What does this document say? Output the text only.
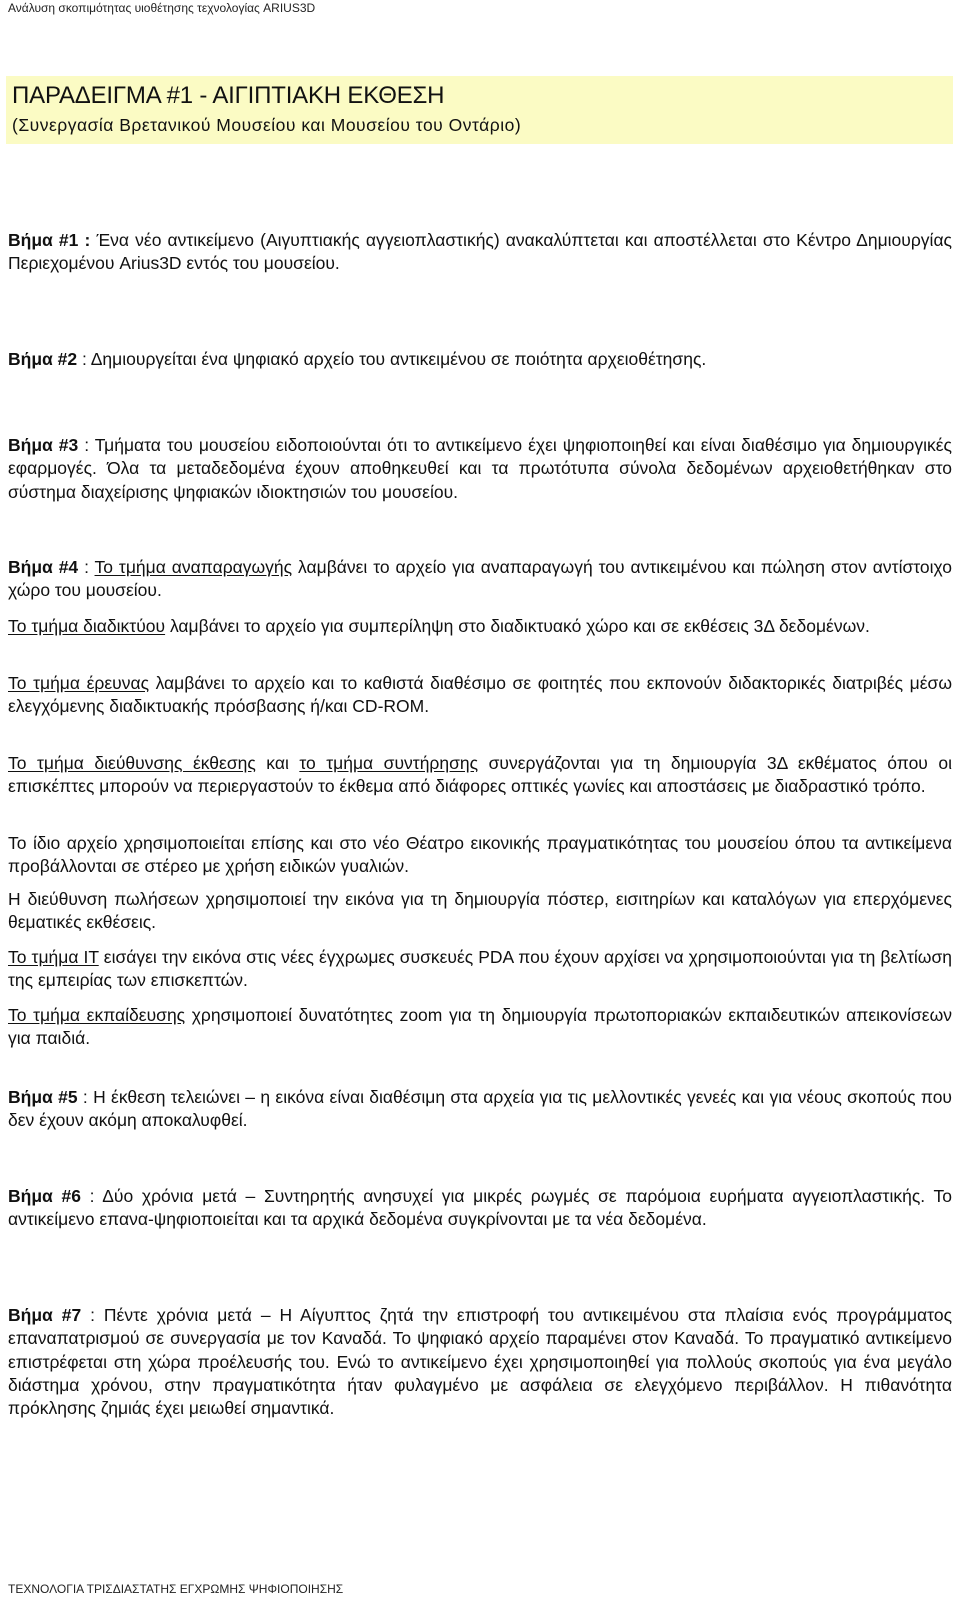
Ανάλυση σκοπιμότητας υιοθέτησης τεχνολογίας ARIUS3D
ΠΑΡΑΔΕΙΓΜΑ #1 - ΑΙΓΙΠΤΙΑΚΗ ΕΚΘΕΣΗ
(Συνεργασία Βρετανικού Μουσείου και Μουσείου του Οντάριο)
Βήμα #1 : Ένα νέο αντικείμενο (Αιγυπτιακής αγγειοπλαστικής) ανακαλύπτεται και αποστέλλεται στο Κέντρο Δημιουργίας Περιεχομένου Arius3D εντός του μουσείου.
Βήμα #2 : Δημιουργείται ένα ψηφιακό αρχείο του αντικειμένου σε ποιότητα αρχειοθέτησης.
Βήμα #3 : Τμήματα του μουσείου ειδοποιούνται ότι το αντικείμενο έχει ψηφιοποιηθεί και είναι διαθέσιμο για δημιουργικές εφαρμογές. Όλα τα μεταδεδομένα έχουν αποθηκευθεί και τα πρωτότυπα σύνολα δεδομένων αρχειοθετήθηκαν στο σύστημα διαχείρισης ψηφιακών ιδιοκτησιών του μουσείου.
Βήμα #4 : Το τμήμα αναπαραγωγής λαμβάνει το αρχείο για αναπαραγωγή του αντικειμένου και πώληση στον αντίστοιχο χώρο του μουσείου.
Το τμήμα διαδικτύου λαμβάνει το αρχείο για συμπερίληψη στο διαδικτυακό χώρο και σε εκθέσεις 3Δ δεδομένων.
Το τμήμα έρευνας λαμβάνει το αρχείο και το καθιστά διαθέσιμο σε φοιτητές που εκπονούν διδακτορικές διατριβές μέσω ελεγχόμενης διαδικτυακής πρόσβασης ή/και CD-ROM.
Το τμήμα διεύθυνσης έκθεσης και το τμήμα συντήρησης συνεργάζονται για τη δημιουργία 3Δ εκθέματος όπου οι επισκέπτες μπορούν να περιεργαστούν το έκθεμα από διάφορες οπτικές γωνίες και αποστάσεις με διαδραστικό τρόπο.
Το ίδιο αρχείο χρησιμοποιείται επίσης και στο νέο Θέατρο εικονικής πραγματικότητας του μουσείου όπου τα αντικείμενα προβάλλονται σε στέρεο με χρήση ειδικών γυαλιών.
Η διεύθυνση πωλήσεων χρησιμοποιεί την εικόνα για τη δημιουργία πόστερ, εισιτηρίων και καταλόγων για επερχόμενες θεματικές εκθέσεις.
Το τμήμα IT εισάγει την εικόνα στις νέες έγχρωμες συσκευές PDA που έχουν αρχίσει να χρησιμοποιούνται για τη βελτίωση της εμπειρίας των επισκεπτών.
Το τμήμα εκπαίδευσης χρησιμοποιεί δυνατότητες zoom για τη δημιουργία πρωτοποριακών εκπαιδευτικών απεικονίσεων για παιδιά.
Βήμα #5 : Η έκθεση τελειώνει – η εικόνα είναι διαθέσιμη στα αρχεία για τις μελλοντικές γενεές και για νέους σκοπούς που δεν έχουν ακόμη αποκαλυφθεί.
Βήμα #6 : Δύο χρόνια μετά – Συντηρητής ανησυχεί για μικρές ρωγμές σε παρόμοια ευρήματα αγγειοπλαστικής. Το αντικείμενο επανα-ψηφιοποιείται και τα αρχικά δεδομένα συγκρίνονται με τα νέα δεδομένα.
Βήμα #7 : Πέντε χρόνια μετά – Η Αίγυπτος ζητά την επιστροφή του αντικειμένου στα πλαίσια ενός προγράμματος επαναπατρισμού σε συνεργασία με τον Καναδά. Το ψηφιακό αρχείο παραμένει στον Καναδά. Το πραγματικό αντικείμενο επιστρέφεται στη χώρα προέλευσής του. Ενώ το αντικείμενο έχει χρησιμοποιηθεί για πολλούς σκοπούς για ένα μεγάλο διάστημα χρόνου, στην πραγματικότητα ήταν φυλαγμένο με ασφάλεια σε ελεγχόμενο περιβάλλον. Η πιθανότητα πρόκλησης ζημιάς έχει μειωθεί σημαντικά.
ΤΕΧΝΟΛΟΓΙΑ ΤΡΙΣΔΙΑΣΤΑΤΗΣ ΕΓΧΡΩΜΗΣ ΨΗΦΙΟΠΟΙΗΣΗΣ
